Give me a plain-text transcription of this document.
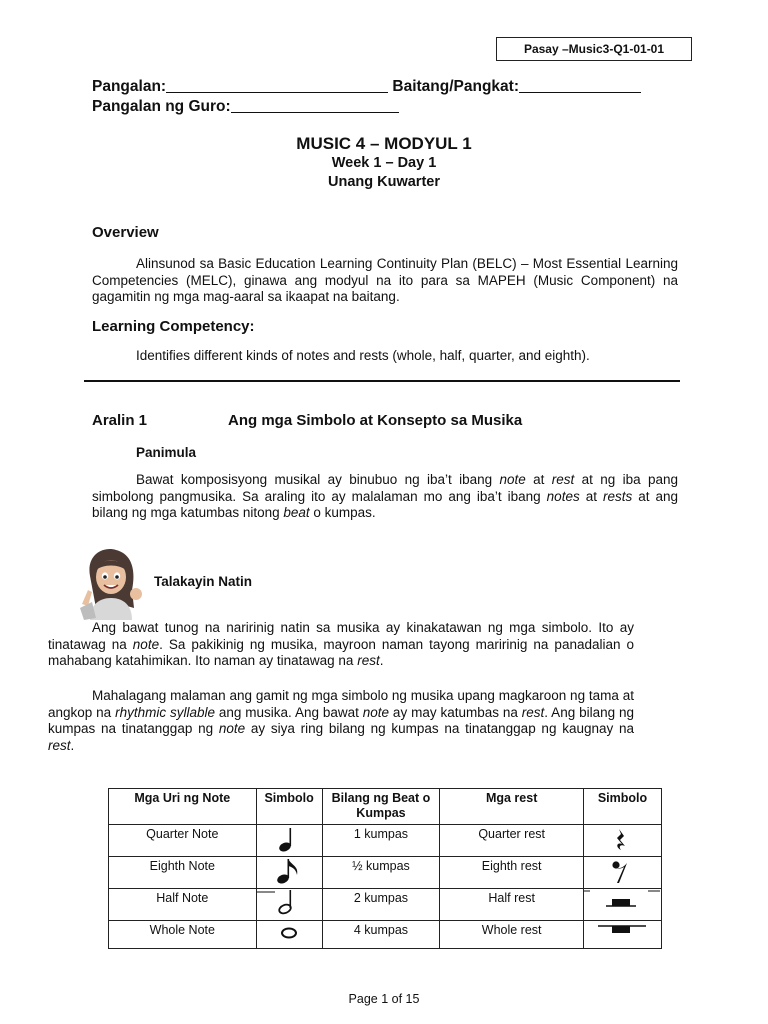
Pasay –Music3-Q1-01-01
Pangalan:	Baitang/Pangkat:
Pangalan ng Guro:
MUSIC 4 – MODYUL 1
Week 1 – Day 1
Unang Kuwarter
Overview
Alinsunod sa Basic Education Learning Continuity Plan (BELC) – Most Essential Learning Competencies (MELC), ginawa ang modyul na ito para sa MAPEH (Music Component) na gagamitin ng mga mag-aaral sa ikaapat na baitang.
Learning Competency:
Identifies different kinds of notes and rests (whole, half, quarter, and eighth).
Aralin 1	Ang mga Simbolo at Konsepto sa Musika
Panimula
Bawat komposisyong musikal ay binubuo ng iba’t ibang note at rest at ng iba pang simbolong pangmusika. Sa araling ito ay malalaman mo ang iba’t ibang notes at rests at ang bilang ng mga katumbas nitong beat o kumpas.
Talakayin Natin
Ang bawat tunog na naririnig natin sa musika ay kinakatawan ng mga simbolo. Ito ay tinatawag na note. Sa pakikinig ng musika, mayroon naman tayong maririnig na panadalian o mahabang katahimikan. Ito naman ay tinatawag na rest.
Mahalagang malaman ang gamit ng mga simbolo ng musika upang magkaroon ng tama at angkop na rhythmic syllable ang musika. Ang bawat note ay may katumbas na rest. Ang bilang ng kumpas na tinatanggap ng note ay siya ring bilang ng kumpas na tinatanggap ng kaugnay na rest.
Mga Uri ng Note	Simbolo	Bilang ng Beat o Kumpas	Mga rest	Simbolo
Quarter Note		1 kumpas	Quarter rest	
Eighth Note		½ kumpas	Eighth rest	
Half Note		2 kumpas	Half rest	
Whole Note		4 kumpas	Whole rest	
Page 1 of 15
